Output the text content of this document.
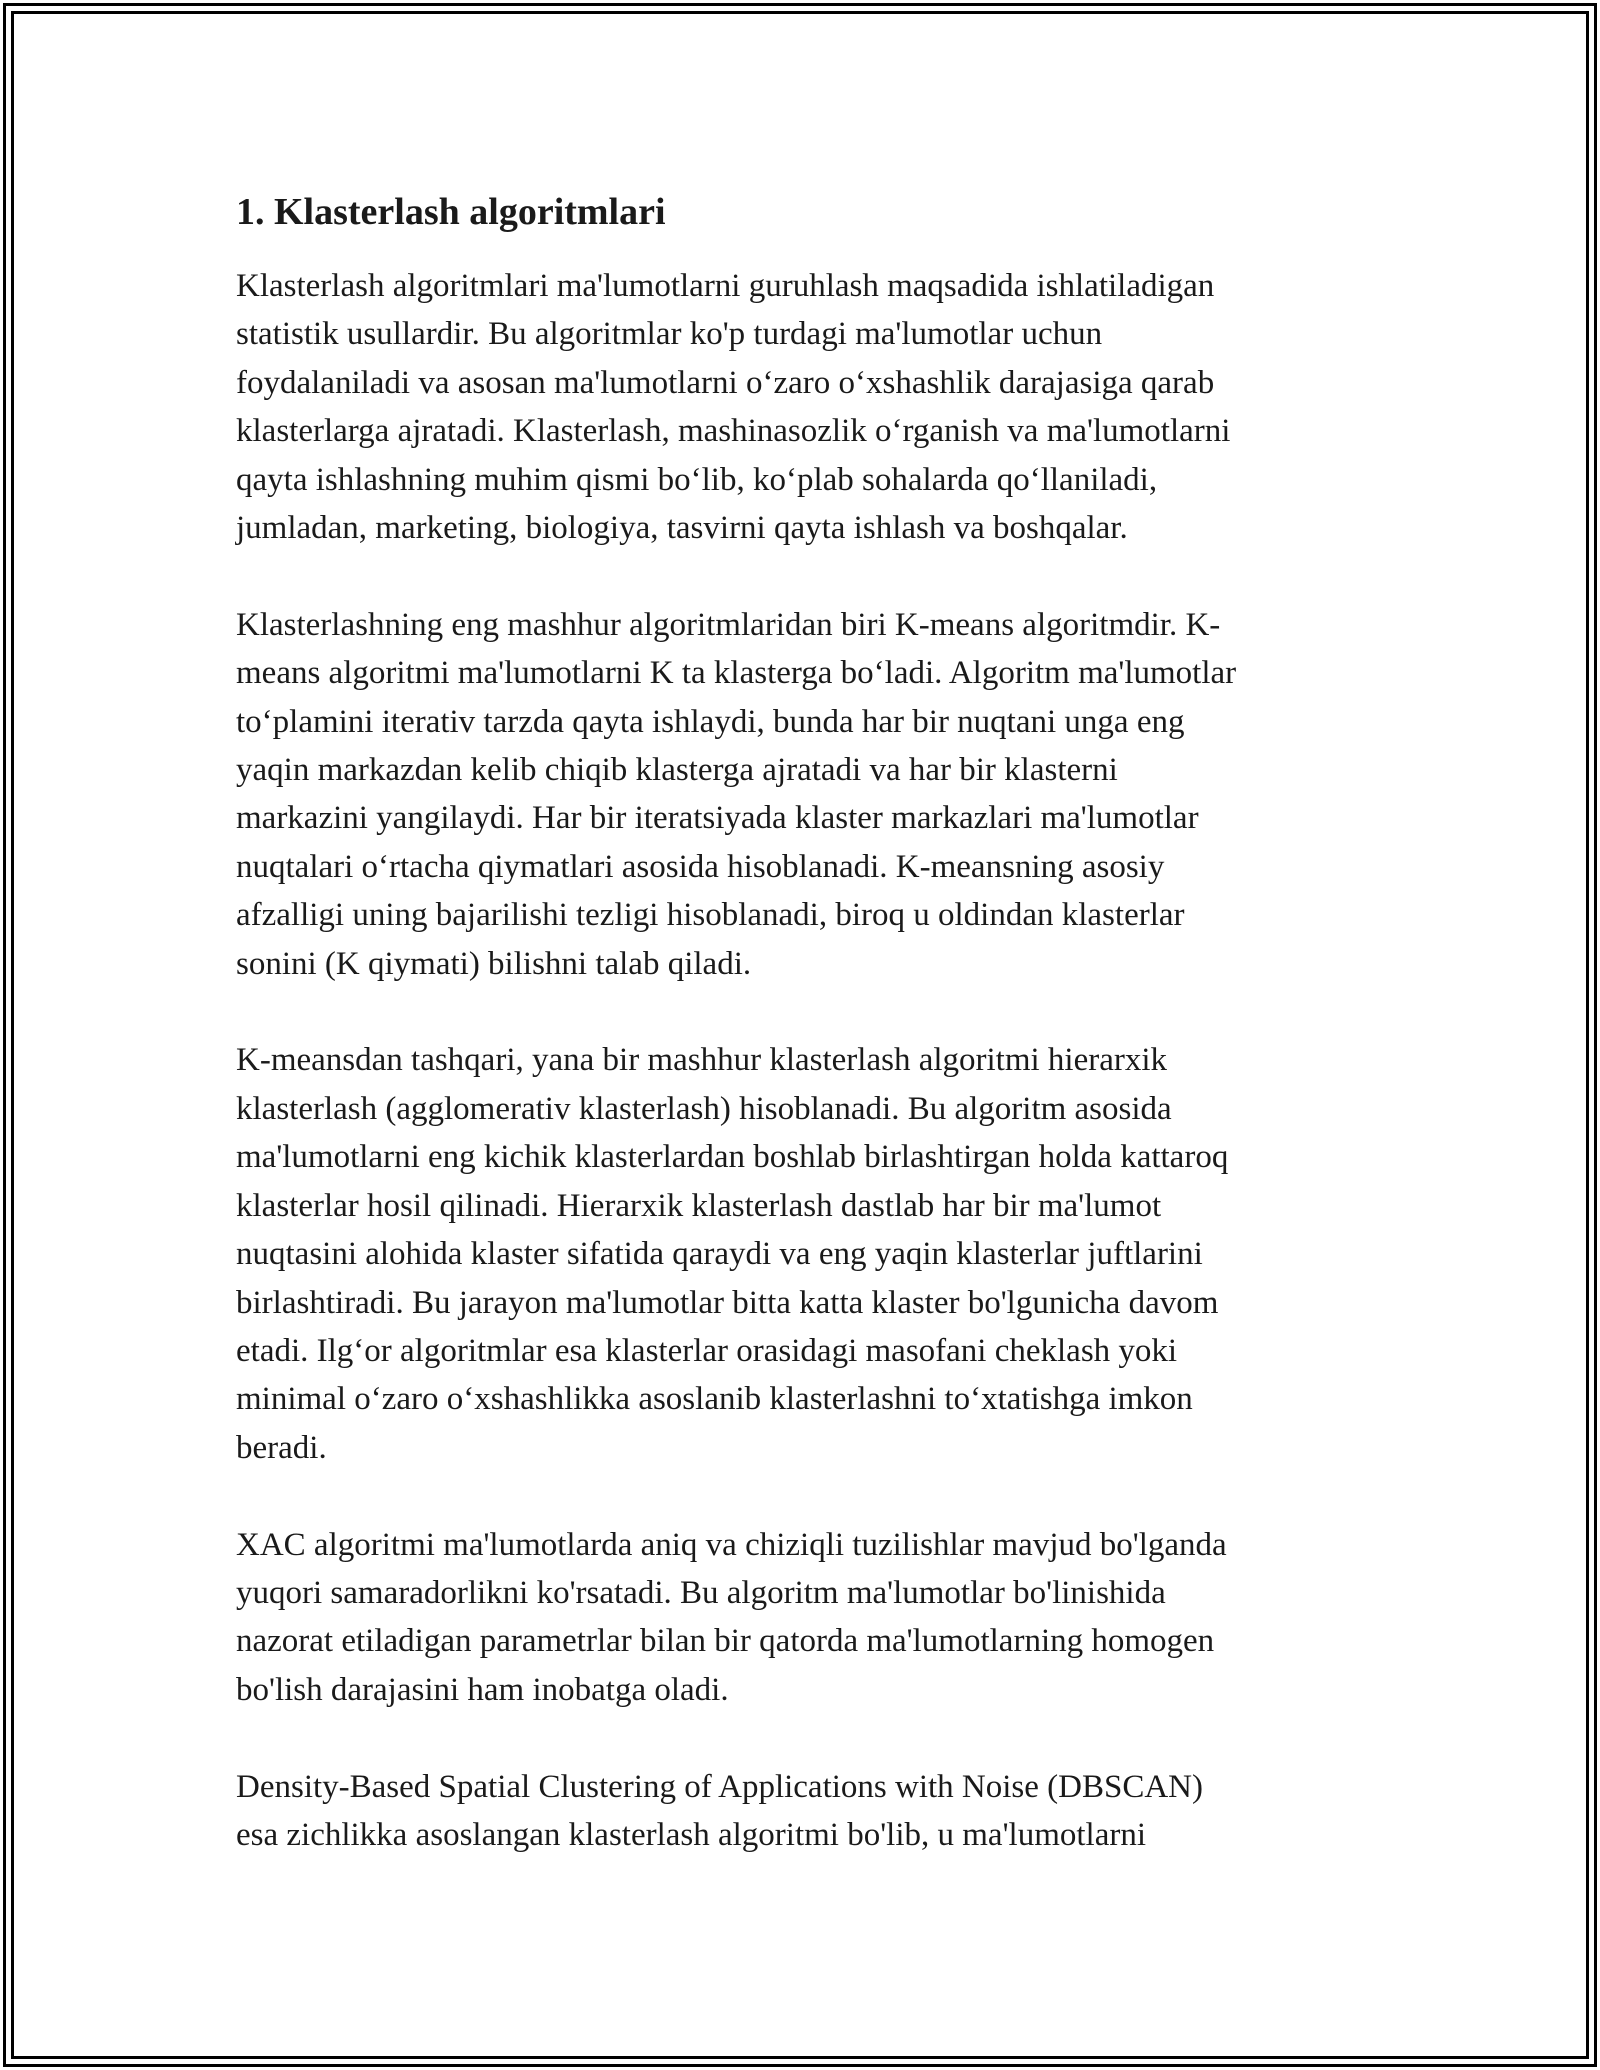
1. Klasterlash algoritmlari
Klasterlash algoritmlari ma'lumotlarni guruhlash maqsadida ishlatiladigan
statistik usullardir. Bu algoritmlar ko'p turdagi ma'lumotlar uchun
foydalaniladi va asosan ma'lumotlarni o‘zaro o‘xshashlik darajasiga qarab
klasterlarga ajratadi. Klasterlash, mashinasozlik o‘rganish va ma'lumotlarni
qayta ishlashning muhim qismi bo‘lib, ko‘plab sohalarda qo‘llaniladi,
jumladan, marketing, biologiya, tasvirni qayta ishlash va boshqalar.
Klasterlashning eng mashhur algoritmlaridan biri K-means algoritmdir. K-
means algoritmi ma'lumotlarni K ta klasterga bo‘ladi. Algoritm ma'lumotlar
to‘plamini iterativ tarzda qayta ishlaydi, bunda har bir nuqtani unga eng
yaqin markazdan kelib chiqib klasterga ajratadi va har bir klasterni
markazini yangilaydi. Har bir iteratsiyada klaster markazlari ma'lumotlar
nuqtalari o‘rtacha qiymatlari asosida hisoblanadi. K-meansning asosiy
afzalligi uning bajarilishi tezligi hisoblanadi, biroq u oldindan klasterlar
sonini (K qiymati) bilishni talab qiladi.
K-meansdan tashqari, yana bir mashhur klasterlash algoritmi hierarxik
klasterlash (agglomerativ klasterlash) hisoblanadi. Bu algoritm asosida
ma'lumotlarni eng kichik klasterlardan boshlab birlashtirgan holda kattaroq
klasterlar hosil qilinadi. Hierarxik klasterlash dastlab har bir ma'lumot
nuqtasini alohida klaster sifatida qaraydi va eng yaqin klasterlar juftlarini
birlashtiradi. Bu jarayon ma'lumotlar bitta katta klaster bo'lgunicha davom
etadi. Ilg‘or algoritmlar esa klasterlar orasidagi masofani cheklash yoki
minimal o‘zaro o‘xshashlikka asoslanib klasterlashni to‘xtatishga imkon
beradi.
XAC algoritmi ma'lumotlarda aniq va chiziqli tuzilishlar mavjud bo'lganda
yuqori samaradorlikni ko'rsatadi. Bu algoritm ma'lumotlar bo'linishida
nazorat etiladigan parametrlar bilan bir qatorda ma'lumotlarning homogen
bo'lish darajasini ham inobatga oladi.
Density-Based Spatial Clustering of Applications with Noise (DBSCAN)
esa zichlikka asoslangan klasterlash algoritmi bo'lib, u ma'lumotlarni
